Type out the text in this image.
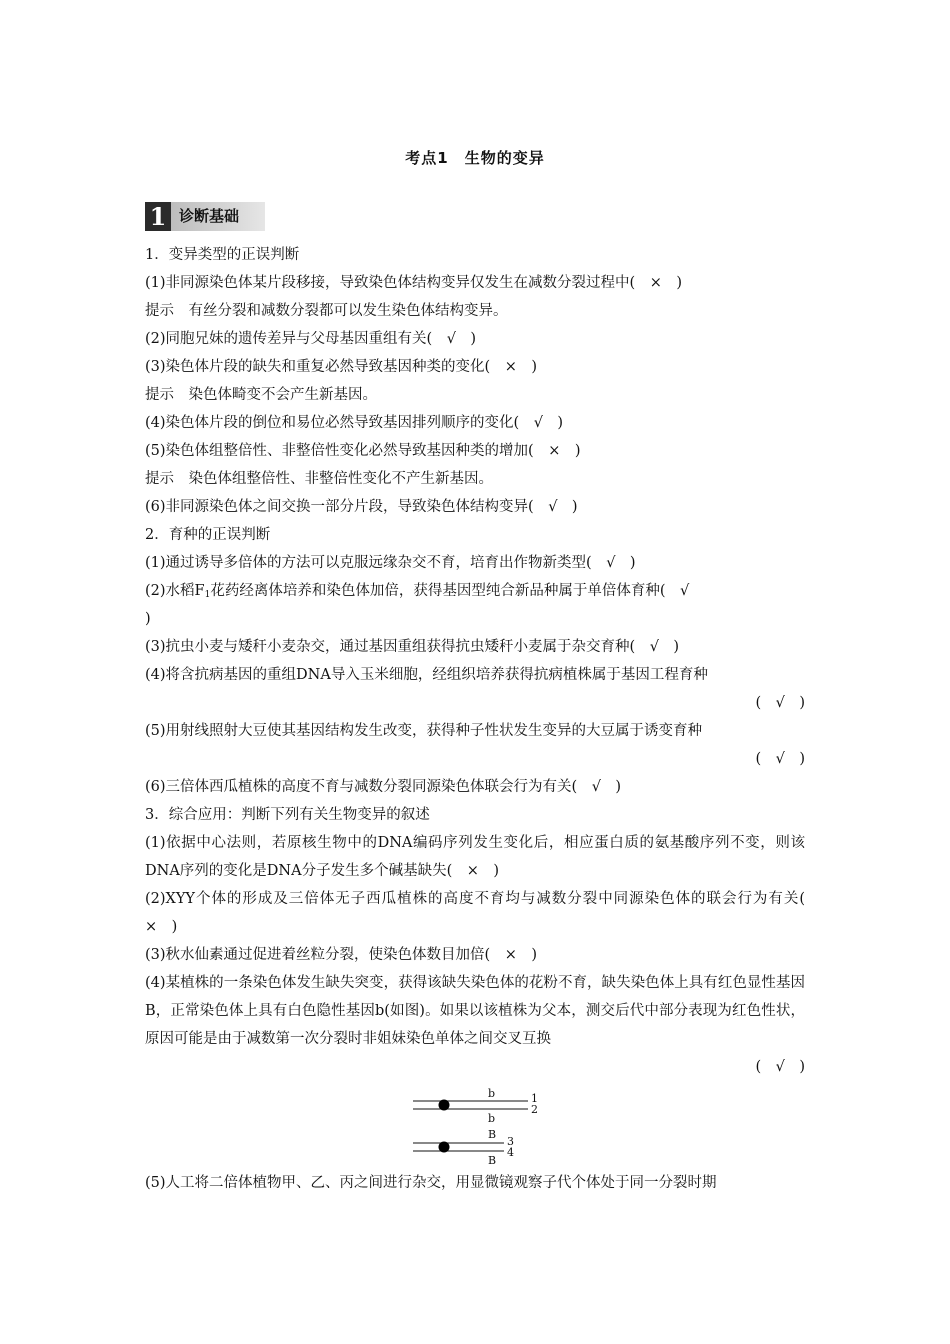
考点1　生物的变异
1 诊断基础
1．变异类型的正误判断
(1)非同源染色体某片段移接，导致染色体结构变异仅发生在减数分裂过程中(　×　)
提示　有丝分裂和减数分裂都可以发生染色体结构变异。
(2)同胞兄妹的遗传差异与父母基因重组有关(　√　)
(3)染色体片段的缺失和重复必然导致基因种类的变化(　×　)
提示　染色体畸变不会产生新基因。
(4)染色体片段的倒位和易位必然导致基因排列顺序的变化(　√　)
(5)染色体组整倍性、非整倍性变化必然导致基因种类的增加(　×　)
提示　染色体组整倍性、非整倍性变化不产生新基因。
(6)非同源染色体之间交换一部分片段，导致染色体结构变异(　√　)
2．育种的正误判断
(1)通过诱导多倍体的方法可以克服远缘杂交不育，培育出作物新类型(　√　)
(2)水稻$F_1$花药经离体培养和染色体加倍，获得基因型纯合新品种属于单倍体育种(　√
)
(3)抗虫小麦与矮秆小麦杂交，通过基因重组获得抗虫矮秆小麦属于杂交育种(　√　)
(4)将含抗病基因的重组DNA导入玉米细胞，经组织培养获得抗病植株属于基因工程育种
(　√　)
(5)用射线照射大豆使其基因结构发生改变，获得种子性状发生变异的大豆属于诱变育种
(　√　)
(6)三倍体西瓜植株的高度不育与减数分裂同源染色体联会行为有关(　√　)
3．综合应用：判断下列有关生物变异的叙述
(1)依据中心法则，若原核生物中的DNA编码序列发生变化后，相应蛋白质的氨基酸序列不变，则该DNA序列的变化是DNA分子发生多个碱基缺失(　×　)
(2)XYY个体的形成及三倍体无子西瓜植株的高度不育均与减数分裂中同源染色体的联会行为有关(　×　)
(3)秋水仙素通过促进着丝粒分裂，使染色体数目加倍(　×　)
(4)某植株的一条染色体发生缺失突变，获得该缺失染色体的花粉不育，缺失染色体上具有红色显性基因B，正常染色体上具有白色隐性基因b(如图)。如果以该植株为父本，测交后代中部分表现为红色性状，原因可能是由于减数第一次分裂时非姐妹染色单体之间交叉互换
(　√　)
b	1
2
b
B
3
4
B
(5)人工将二倍体植物甲、乙、丙之间进行杂交，用显微镜观察子代个体处于同一分裂时期
